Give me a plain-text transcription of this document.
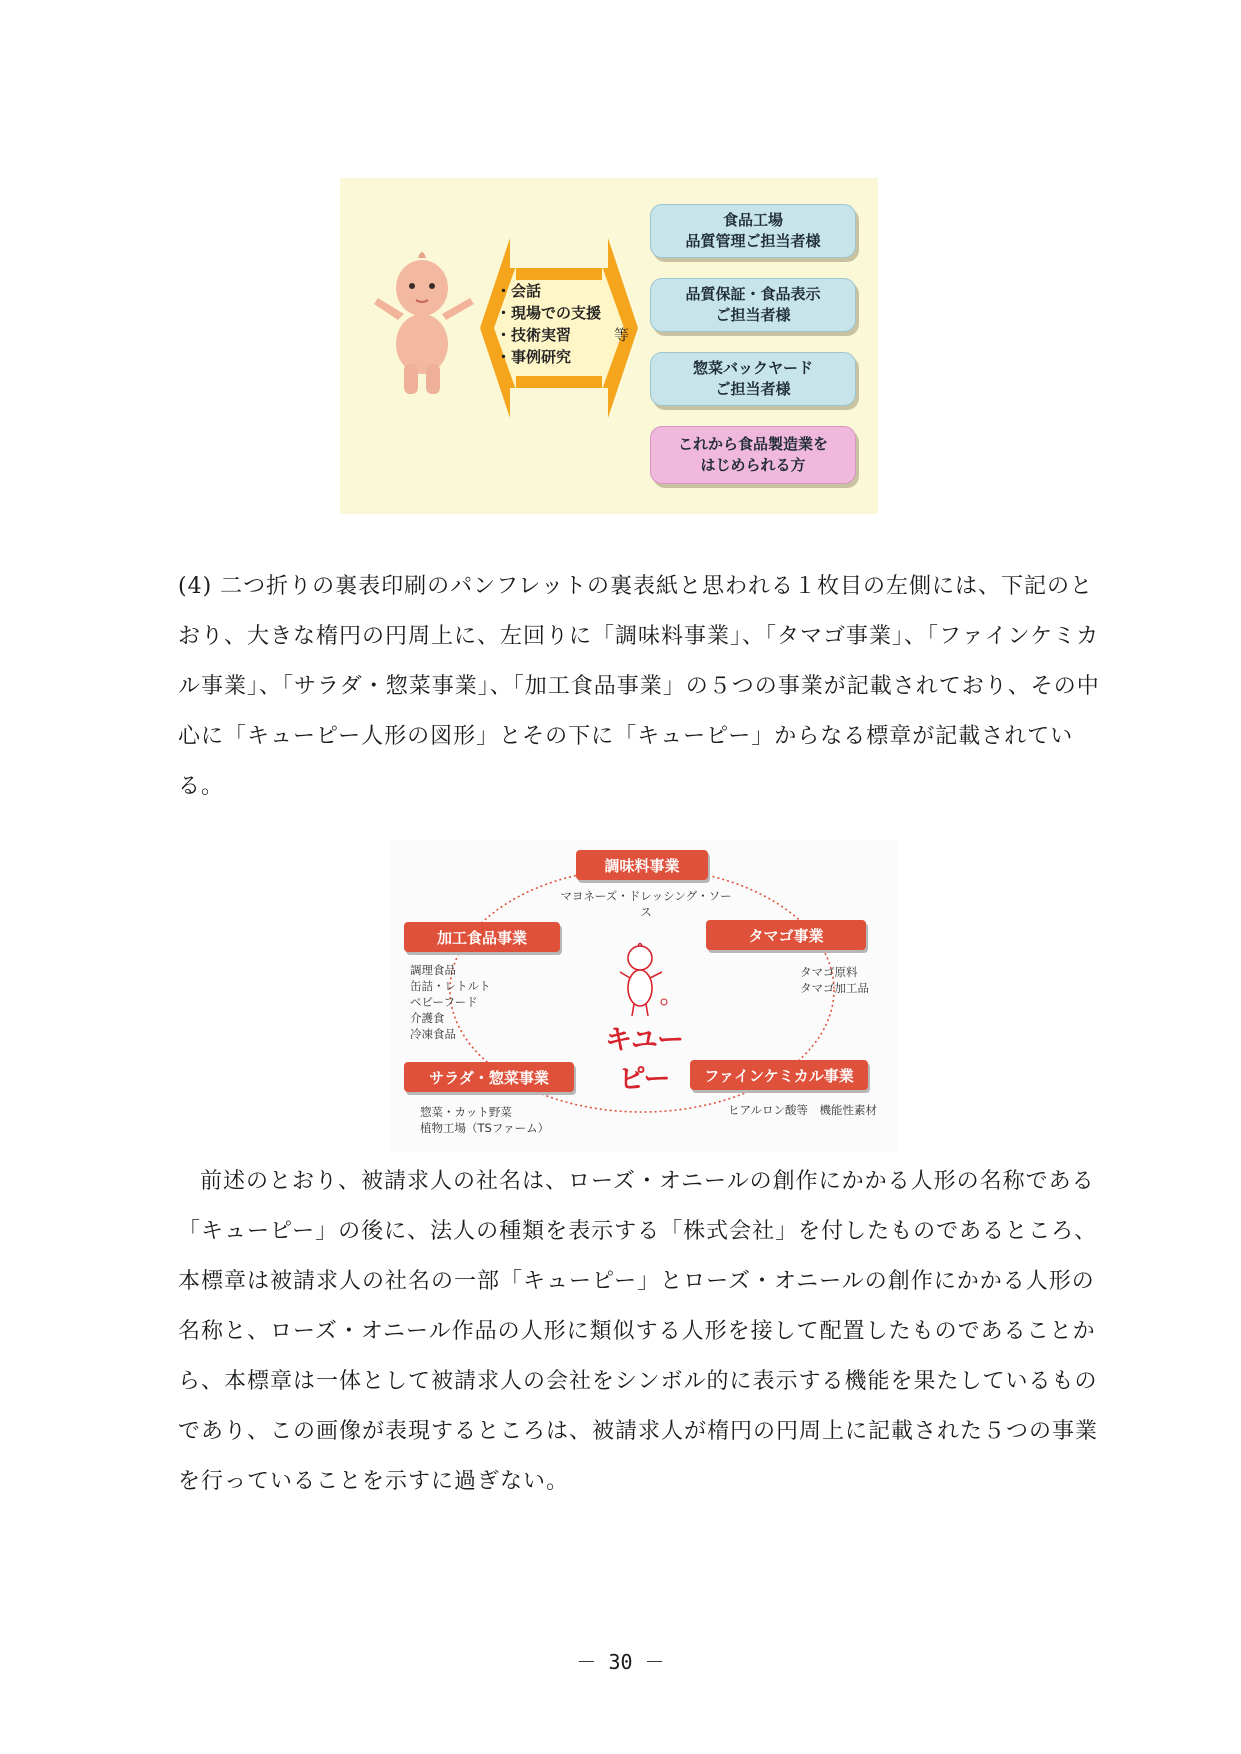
・会話
・現場での支援
・技術実習
・事例研究
等
食品工場
品質管理ご担当者様
品質保証・食品表示
ご担当者様
惣菜バックヤード
ご担当者様
これから食品製造業を
はじめられる方

(4) 二つ折りの裏表印刷のパンフレットの裏表紙と思われる１枚目の左側には、下記のとおり、大きな楕円の円周上に、左回りに「調味料事業」、「タマゴ事業」、「ファインケミカル事業」、「サラダ・惣菜事業」、「加工食品事業」の５つの事業が記載されており、その中心に「キューピー人形の図形」とその下に「キューピー」からなる標章が記載されている。

調味料事業
マヨネーズ・ドレッシング・ソース
タマゴ事業
タマゴ原料
タマゴ加工品
ファインケミカル事業
ヒアルロン酸等　機能性素材
サラダ・惣菜事業
惣菜・カット野菜
植物工場（TSファーム）
加工食品事業
調理食品
缶詰・レトルト
ベビーフード
介護食
冷凍食品	キユーピー

前述のとおり、被請求人の社名は、ローズ・オニールの創作にかかる人形の名称である「キューピー」の後に、法人の種類を表示する「株式会社」を付したものであるところ、本標章は被請求人の社名の一部「キューピー」とローズ・オニールの創作にかかる人形の名称と、ローズ・オニール作品の人形に類似する人形を接して配置したものであることから、本標章は一体として被請求人の会社をシンボル的に表示する機能を果たしているものであり、この画像が表現するところは、被請求人が楕円の円周上に記載された５つの事業を行っていることを示すに過ぎない。

－ 30 －
